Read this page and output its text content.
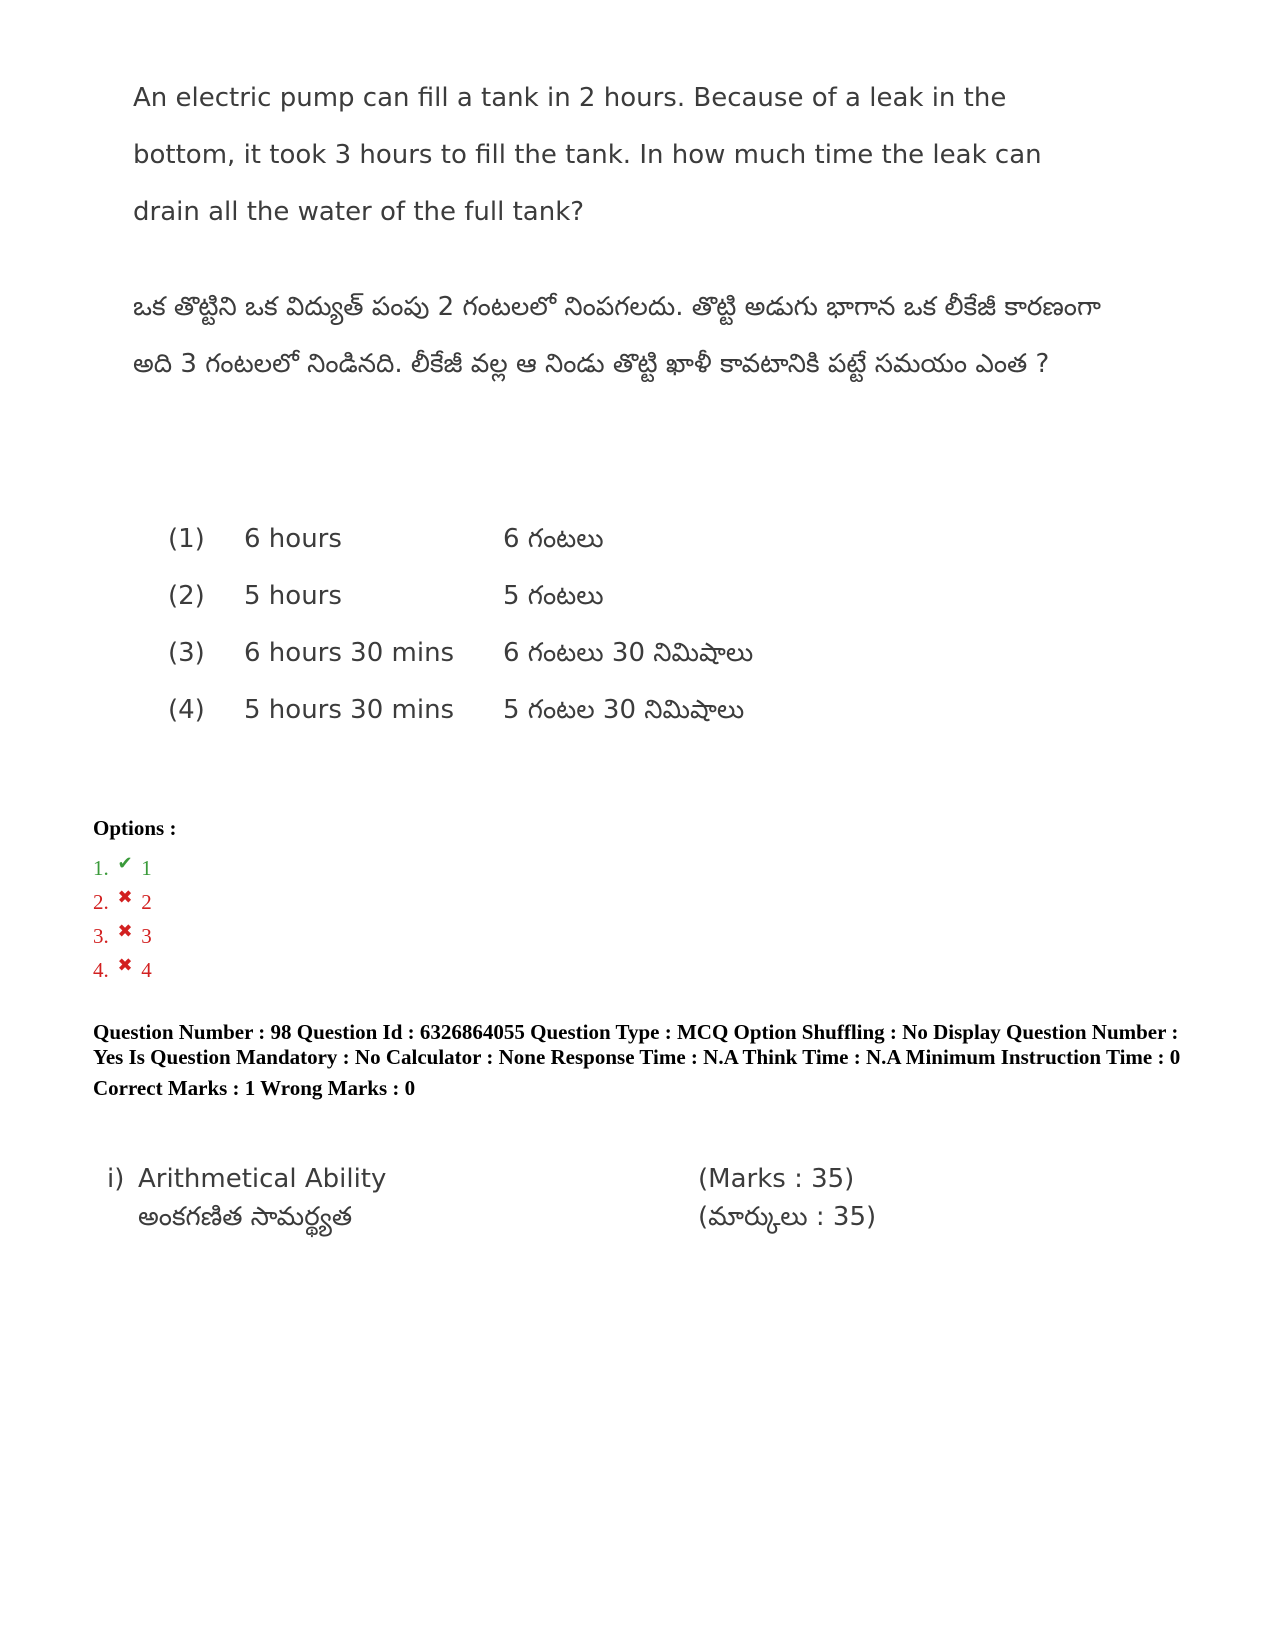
An electric pump can fill a tank in 2 hours. Because of a leak in the bottom, it took 3 hours to fill the tank. In how much time the leak can drain all the water of the full tank?

ఒక తొట్టిని ఒక విద్యుత్ పంపు 2 గంటలలో నింపగలదు. తొట్టి అడుగు భాగాన ఒక లీకేజీ కారణంగా అది 3 గంటలలో నిండినది. లీకేజీ వల్ల ఆ నిండు తొట్టి ఖాళీ కావటానికి పట్టే సమయం ఎంత ?

(1) 6 hours	6 గంటలు
(2) 5 hours	5 గంటలు
(3) 6 hours 30 mins 6 గంటలు 30 నిమిషాలు
(4) 5 hours 30 mins 5 గంటల 30 నిమిషాలు
Options :
1. ✔ 1
2. ✖ 2
3. ✖ 3
4. ✖ 4

Question Number : 98 Question Id : 6326864055 Question Type : MCQ Option Shuffling : No Display Question Number : Yes Is Question Mandatory : No Calculator : None Response Time : N.A Think Time : N.A Minimum Instruction Time : 0

Correct Marks : 1 Wrong Marks : 0

i) Arithmetical Ability
అంకగణిత సామర్థ్యత
(Marks : 35)
(మార్కులు : 35)
